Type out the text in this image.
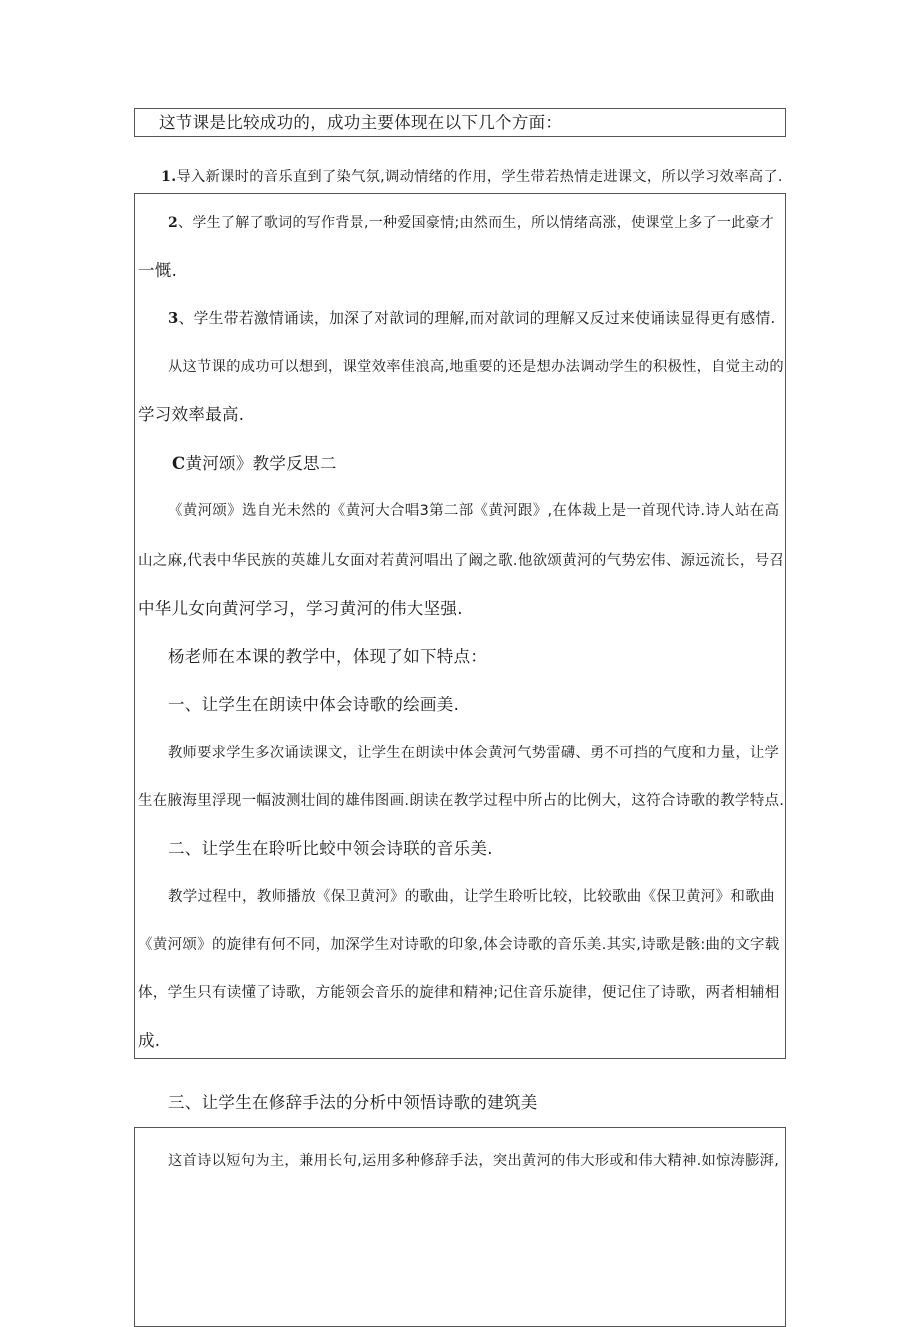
这节课是比较成功的，成功主要体现在以下几个方面：
1.导入新课时的音乐直到了染气氛,调动情绪的作用，学生带若热情走进课文，所以学习效率高了.
2、学生了解了歌词的写作背景,一种爱国豪情;由然而生，所以情绪高涨，使课堂上多了一此豪才
一慨.
3、学生带若激情诵读，加深了对歆词的理解,而对歆词的理解又反过来使诵读显得更有感情.
从这节课的成功可以想到，课堂效率佳浪高,地重要的还是想办法调动学生的积极性，自觉主动的
学习效率最高.
C黄河颂》教学反思二
《黄河颂》选自光未然的《黄河大合唱3第二部《黄河跟》,在体裁上是一首现代诗.诗人站在高
山之麻,代表中华民族的英雄儿女面对若黄河唱出了阚之歌.他欲颂黄河的气势宏伟、源远流长，号召
中华儿女向黄河学习，学习黄河的伟大坚强.
杨老师在本课的教学中，体现了如下特点：
一、让学生在朗读中体会诗歌的绘画美.
教师要求学生多次诵读课文，让学生在朗读中体会黄河气势雷礴、勇不可挡的气度和力量，让学
生在腋海里浮现一幅波测壮闾的雄伟图画.朗读在教学过程中所占的比例大，这符合诗歌的教学特点.
二、让学生在聆听比蛟中领会诗联的音乐美.
教学过程中，教师播放《保卫黄河》的歌曲，让学生聆听比较，比较歌曲《保卫黄河》和歌曲
《黄河颂》的旋律有何不同，加深学生对诗歌的印象,体会诗歌的音乐美.其实,诗歌是骸:曲的文字载
体，学生只有读懂了诗歌，方能领会音乐的旋律和精神;记住音乐旋律，便记住了诗歌，两者相辅相
成.
三、让学生在修辞手法的分析中领悟诗歌的建筑美
这首诗以短句为主，兼用长句,运用多种修辞手法，突出黄河的伟大形或和伟大精神.如惊涛膨湃,
